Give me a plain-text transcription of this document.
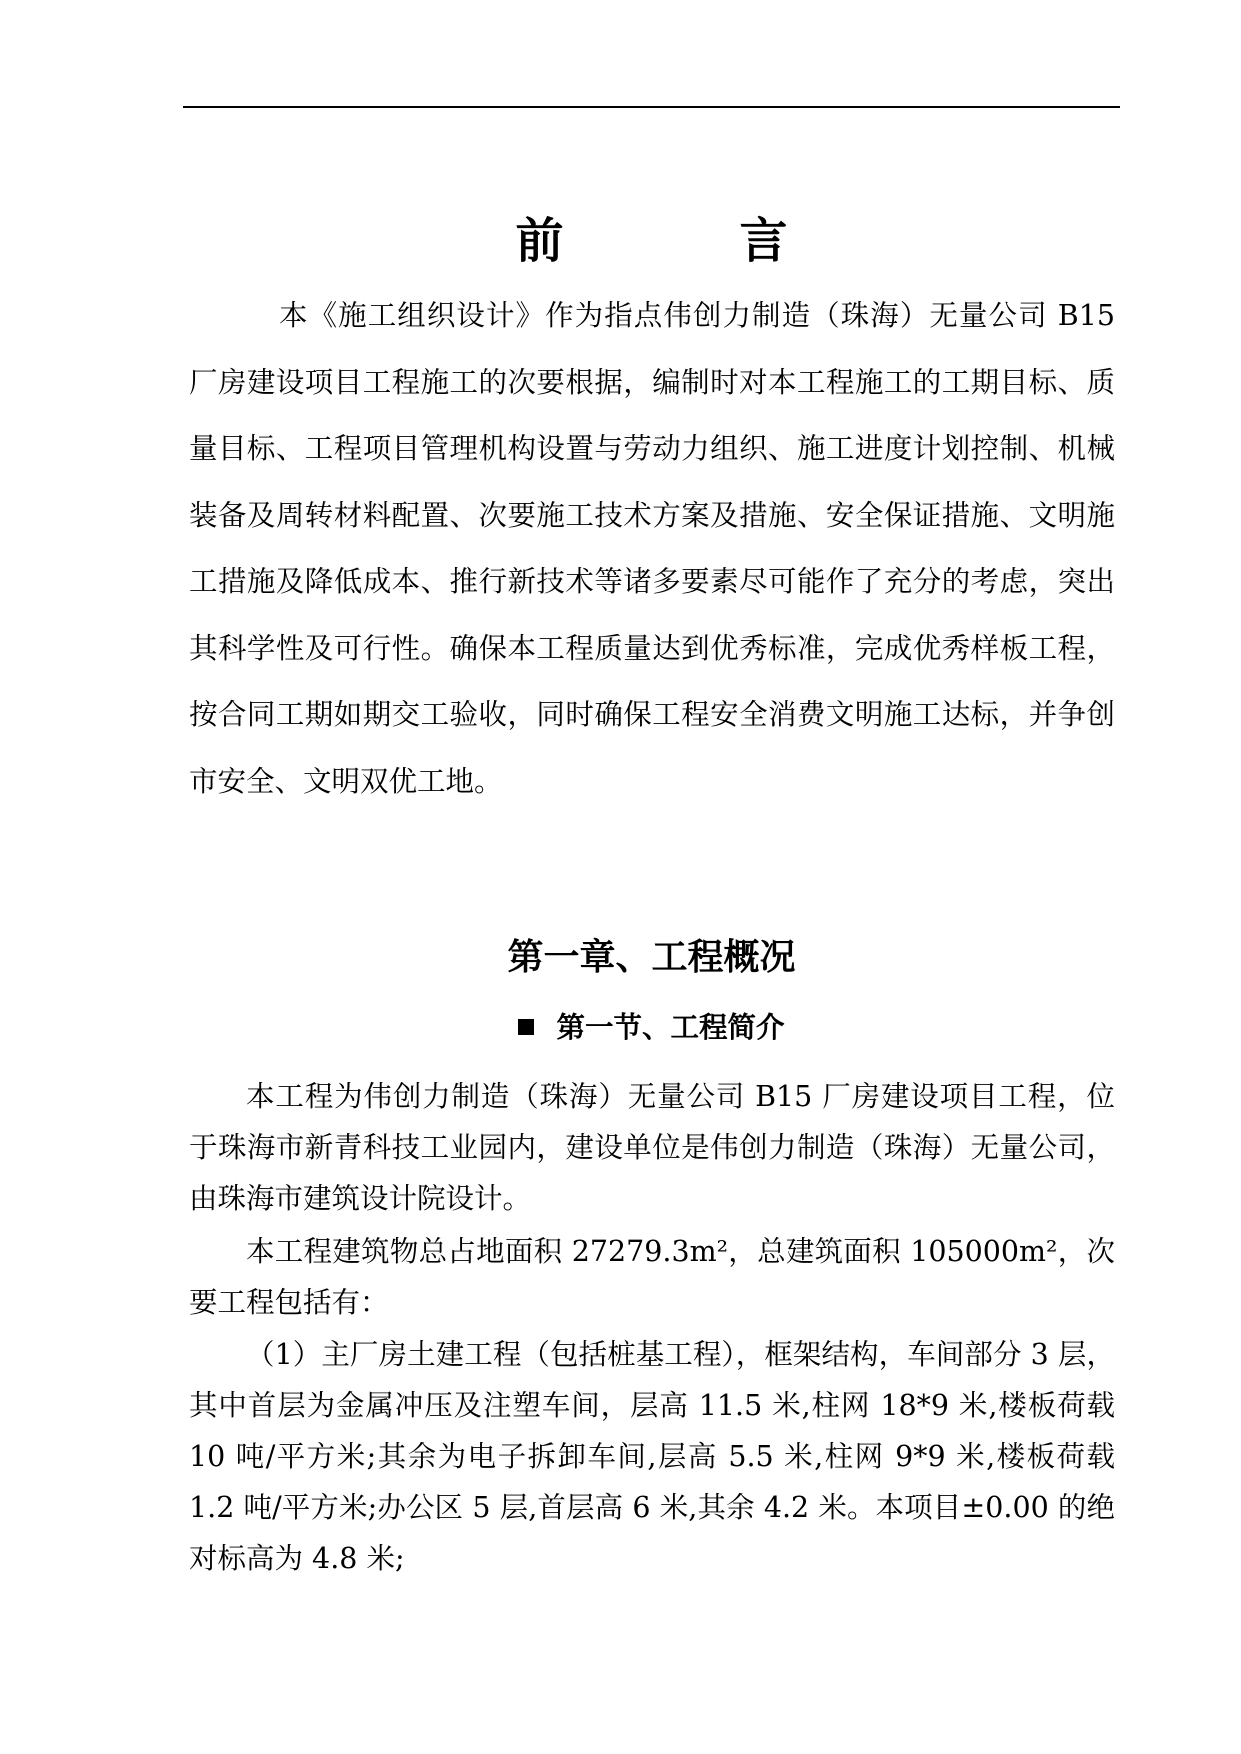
前　言

本《施工组织设计》作为指点伟创力制造（珠海）无量公司 B15 厂房建设项目工程施工的次要根据，编制时对本工程施工的工期目标、质量目标、工程项目管理机构设置与劳动力组织、施工进度计划控制、机械装备及周转材料配置、次要施工技术方案及措施、安全保证措施、文明施工措施及降低成本、推行新技术等诸多要素尽可能作了充分的考虑，突出其科学性及可行性。确保本工程质量达到优秀标准，完成优秀样板工程，按合同工期如期交工验收，同时确保工程安全消费文明施工达标，并争创市安全、文明双优工地。

第一章、工程概况
第一节、工程简介

本工程为伟创力制造（珠海）无量公司 B15 厂房建设项目工程，位于珠海市新青科技工业园内，建设单位是伟创力制造（珠海）无量公司，由珠海市建筑设计院设计。

本工程建筑物总占地面积 27279.3m²，总建筑面积 105000m²，次要工程包括有：

（1）主厂房土建工程（包括桩基工程），框架结构，车间部分 3 层，其中首层为金属冲压及注塑车间，层高 11.5 米,柱网 18*9 米,楼板荷载 10 吨/平方米;其余为电子拆卸车间,层高 5.5 米,柱网 9*9 米,楼板荷载 1.2 吨/平方米;办公区 5 层,首层高 6 米,其余 4.2 米。本项目±0.00 的绝对标高为 4.8 米;
